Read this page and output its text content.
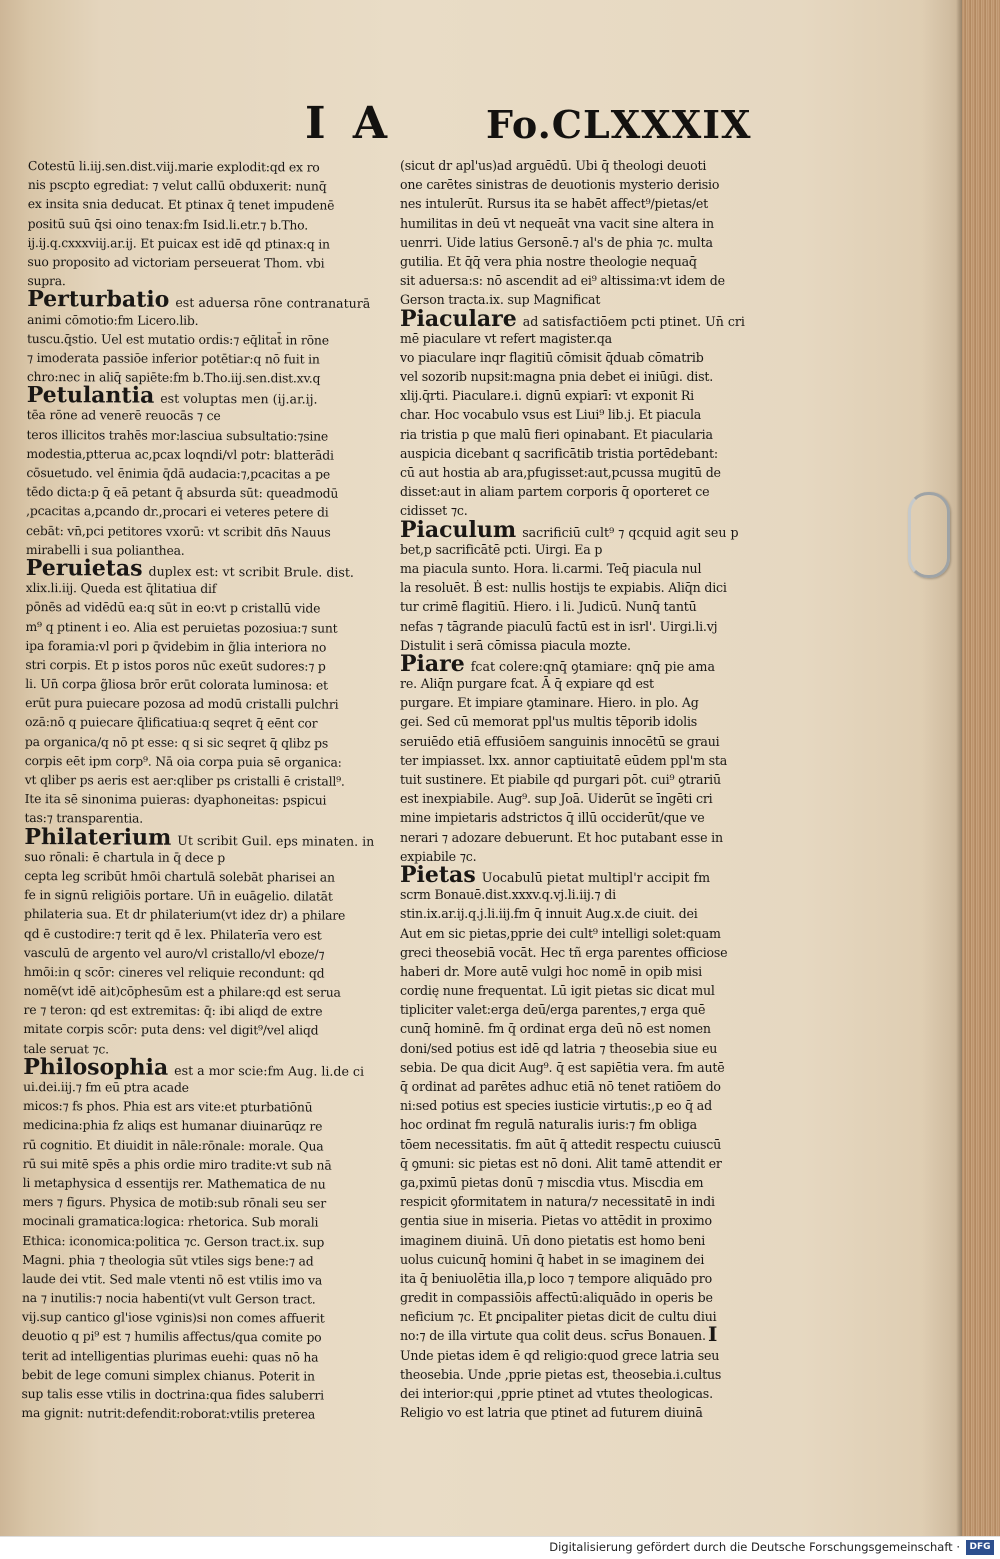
I A Fo.CLXXXIX
Cotestū li.iij.sen.dist.viij.marie explodit:qd ex ro
nis pscpto egrediat: ⁊ velut callū obduxerit: nunq̄
ex insita snia deducat. Et ptinax q̄ tenet impudenē
positū suū q̄si oino tenax:fm Isid.li.etr.⁊ b.Tho.
ij.ij.q.cxxxviij.ar.ij. Et puicax est idē qd ptinax:q in
suo proposito ad victoriam perseuerat Thom. vbi
supra.
Perturbatio est aduersa rōne contranaturā
animi cōmotio:fm Licero.lib.
tuscu.q̄stio. Uel est mutatio ordis:⁊ eq̄litat̄ in rōne
⁊ imoderata passiōe inferior potētiar:q nō fuit in
chro:nec in aliq̄ sapiēte:fm b.Tho.iij.sen.dist.xv.q
Petulantia est voluptas men (ij.ar.ij.
tēa rōne ad venerē reuocās ⁊ ce
teros illicitos trahēs mor:lasciua subsultatio:⁊sine
modestia,ptterua ac,pcax loqndi/vl potr: blatterādi
cōsuetudo. vel ēnimia q̄dā audacia:⁊,pcacitas a pe
tēdo dicta:p q̄ eā petant q̄ absurda sūt: queadmodū
,pcacitas a,pcando dr.,procari ei veteres petere di
cebāt: vn̄,pci petitores vxorū: vt scribit dn̄s Nauus
mirabelli i sua polianthea.
Peruietas duplex est: vt scribit Brule. dist.
xlix.li.iij. Queda est q̄litatiua dif
pōnēs ad vidēdū ea:q sūt in eo:vt p cristallū vide
m⁹ q ptinent i eo. Alia est peruietas pozosiua:⁊ sunt
ipa foramia:vl pori p q̄videbim in g̃lia interiora no
stri corpis. Et p istos poros nūc exeūt sudores:⁊ p
li. Un̄ corpa g̃liosa brōr erūt colorata luminosa: et
erūt pura puiecare pozosa ad modū cristalli pulchri
ozā:nō q puiecare q̄lificatiua:q seqret q̄ eēnt cor
pa organica/q nō pt esse: q si sic seqret q̄ qlibz ps
corpis eēt ipm corp⁹. Nā oia corpa puia sē organica:
vt qliber ps aeris est aer:qliber ps cristalli ē cristall⁹.
Ite ita sē sinonima puieras: dyaphoneitas: pspicui
tas:⁊ transparentia.
Philaterium Ut scribit Guil. eps minaten. in
suo rōnali: ē chartula in q̄ dece p
cepta leg scribūt hmōi chartulā solebāt pharisei an
fe in signū religiōis portare. Un̄ in euāgelio. dilatāt
philateria sua. Et dr philaterium(vt idez dr) a philare
qd ē custodire:⁊ terit qd ē lex. Philaterīa vero est
vasculū de argento vel auro/vl cristallo/vl eboze/⁊
hmōi:in q scōr: cineres vel reliquie recondunt: qd
nomē(vt idē ait)cōphesūm est a philare:qd est serua
re ⁊ teron: qd est extremitas: q̄: ibi aliqd de extre
mitate corpis scōr: puta dens: vel digit⁹/vel aliqd
tale seruat ⁊c.
Philosophia est a mor scie:fm Aug. li.de ci
ui.dei.iij.⁊ fm eū ptra acade
micos:⁊ fs phos. Phia est ars vite:et pturbatiōnū
medicina:phia fz aliqs est humanar diuinarūqz re
rū cognitio. Et diuidit in nāle:rōnale: morale. Qua
rū sui mitē spēs a phis ordie miro tradite:vt sub nā
li metaphysica d essentijs rer. Mathematica de nu
mers ⁊ figurs. Physica de motib:sub rōnali seu ser
mocinali gramatica:logica: rhetorica. Sub morali
Ethica: iconomica:politica ⁊c. Gerson tract.ix. sup
Magni. phia ⁊ theologia sūt vtiles sigs bene:⁊ ad
laude dei vtit. Sed male vtenti nō est vtilis imo va
na ⁊ inutilis:⁊ nocia habenti(vt vult Gerson tract.
vij.sup cantico gl'iose vginis)si non comes affuerit
deuotio q pi⁹ est ⁊ humilis affectus/qua comite po
terit ad intelligentias plurimas euehi: quas nō ha
bebit de lege comuni simplex chianus. Poterit in
sup talis esse vtilis in doctrina:qua fides saluberri
ma gignit: nutrit:defendit:roborat:vtilis preterea
(sicut dr apl'us)ad arguēdū. Ubi q̄ theologi deuoti
one carētes sinistras de deuotionis mysterio derisio
nes intulerūt. Rursus ita se habēt affect⁹/pietas/et
humilitas in deū vt nequeāt vna vacit sine altera in
uenrri. Uide latius Gersonē.⁊ al's de phia ⁊c. multa
gutilia. Et q̄q̄ vera phia nostre theologie nequaq̄
sit aduersa:s: nō ascendit ad ei⁹ altissima:vt idem de
Gerson tracta.ix. sup Magnificat
Piaculare ad satisfactiōem pcti ptinet. Un̄ cri
mē piaculare vt refert magister.qa
vo piaculare inqr flagitiū cōmisit q̄duab cōmatrib
vel sozorib nupsit:magna pnia debet ei iniūgi. dist.
xlij.q̄rti. Piaculare.i. dignū expiarī: vt exponit Ri
char. Hoc vocabulo vsus est Liui⁹ lib.j. Et piacula
ria tristia p que malū fieri opinabant. Et piacularia
auspicia dicebant q sacrificātib tristia portēdebant:
cū aut hostia ab ara,pfugisset:aut,pcussa mugitū de
disset:aut in aliam partem corporis q̄ oporteret ce
cidisset ⁊c.
Piaculum sacrificiū cult⁹ ⁊ qcquid agit seu p
bet,p sacrificātē pcti. Uirgi. Ea p
ma piacula sunto. Hora. li.carmi. Teq̄ piacula nul
la resoluēt. Ḃ est: nullis hostijs te expiabis. Aliq̄n dici
tur crimē flagitiū. Hiero. i li. Judicū. Nunq̄ tantū
nefas ⁊ tāgrande piaculū factū est in isrl'. Uirgi.li.vj
Distulit i serā cōmissa piacula mozte.
Piare fcat colere:qnq̄ ꝯtamiare: qnq̄ pie ama
re. Aliq̄n purgare fcat. Ā q̄ expiare qd est
purgare. Et impiare ꝯtaminare. Hiero. in plo. Ag
gei. Sed cū memorat ppl'us multis tēporib idolis
seruiēdo etiā effusiōem sanguinis innocētū se graui
ter impiasset. lxx. annor captiuitatē eūdem ppl'm sta
tuit sustinere. Et piabile qd purgari pōt. cui⁹ ꝯtrariū
est inexpiabile. Aug⁹. sup Joā. Uiderūt se īngēti cri
mine impietaris adstrictos q̄ illū occiderūt/que ve
nerari ⁊ adozare debuerunt. Et hoc putabant esse in
expiabile ⁊c.
Pietas Uocabulū pietat multipl'r accipit fm
scrm Bonauē.dist.xxxv.q.vj.li.iij.⁊ di
stin.ix.ar.ij.q.j.li.iij.fm q̄ innuit Aug.x.de ciuit. dei
Aut em sic pietas,pprie dei cult⁹ intelligi solet:quam
greci theosebiā vocāt. Hec tñ erga parentes officiose
haberi dr. More autē vulgi hoc nomē in opib misi
cordię nune frequentat. Lū igit pietas sic dicat mul
tipliciter valet:erga deū/erga parentes,⁊ erga quē
cunq̄ hominē. fm q̄ ordinat erga deū nō est nomen
doni/sed potius est idē qd latria ⁊ theosebia siue eu
sebia. De qua dicit Aug⁹. q̄ est sapiētia vera. fm autē
q̄ ordinat ad parētes adhuc etiā nō tenet ratiōem do
ni:sed potius est species iusticie virtutis:,p eo q̄ ad
hoc ordinat fm regulā naturalis iuris:⁊ fm obliga
tōem necessitatis. fm aūt q̄ attedit respectu cuiuscū
q̄ ꝯmuni: sic pietas est nō doni. Alit tamē attendit er
ga,pximū pietas donū ⁊ miscdia vtus. Miscdia em
respicit ꝯformitatem in natura/⁊ necessitatē in indi
gentia siue in miseria. Pietas vo attēdit in proximo
imaginem diuinā. Un̄ dono pietatis est homo beni
uolus cuicunq̄ homini q̄ habet in se imaginem dei
ita q̄ beniuolētia illa,p loco ⁊ tempore aliquādo pro
gredit in compassiōis affectū:aliquādo in operis be
neficium ⁊c. Et ꝑncipaliter pietas dicit de cultu diui
no:⁊ de illa virtute qua colit deus. scr̄us Bonauen.
Unde pietas idem ē qd religio:quod grece latria seu
theosebia. Unde ,pprie pietas est, theosebia.i.cultus
dei interior:qui ,pprie ptinet ad vtutes theologicas.
Religio vo est latria que ptinet ad futurem diuinā
I
Digitalisierung gefördert durch die Deutsche Forschungsgemeinschaft ·	DFG
